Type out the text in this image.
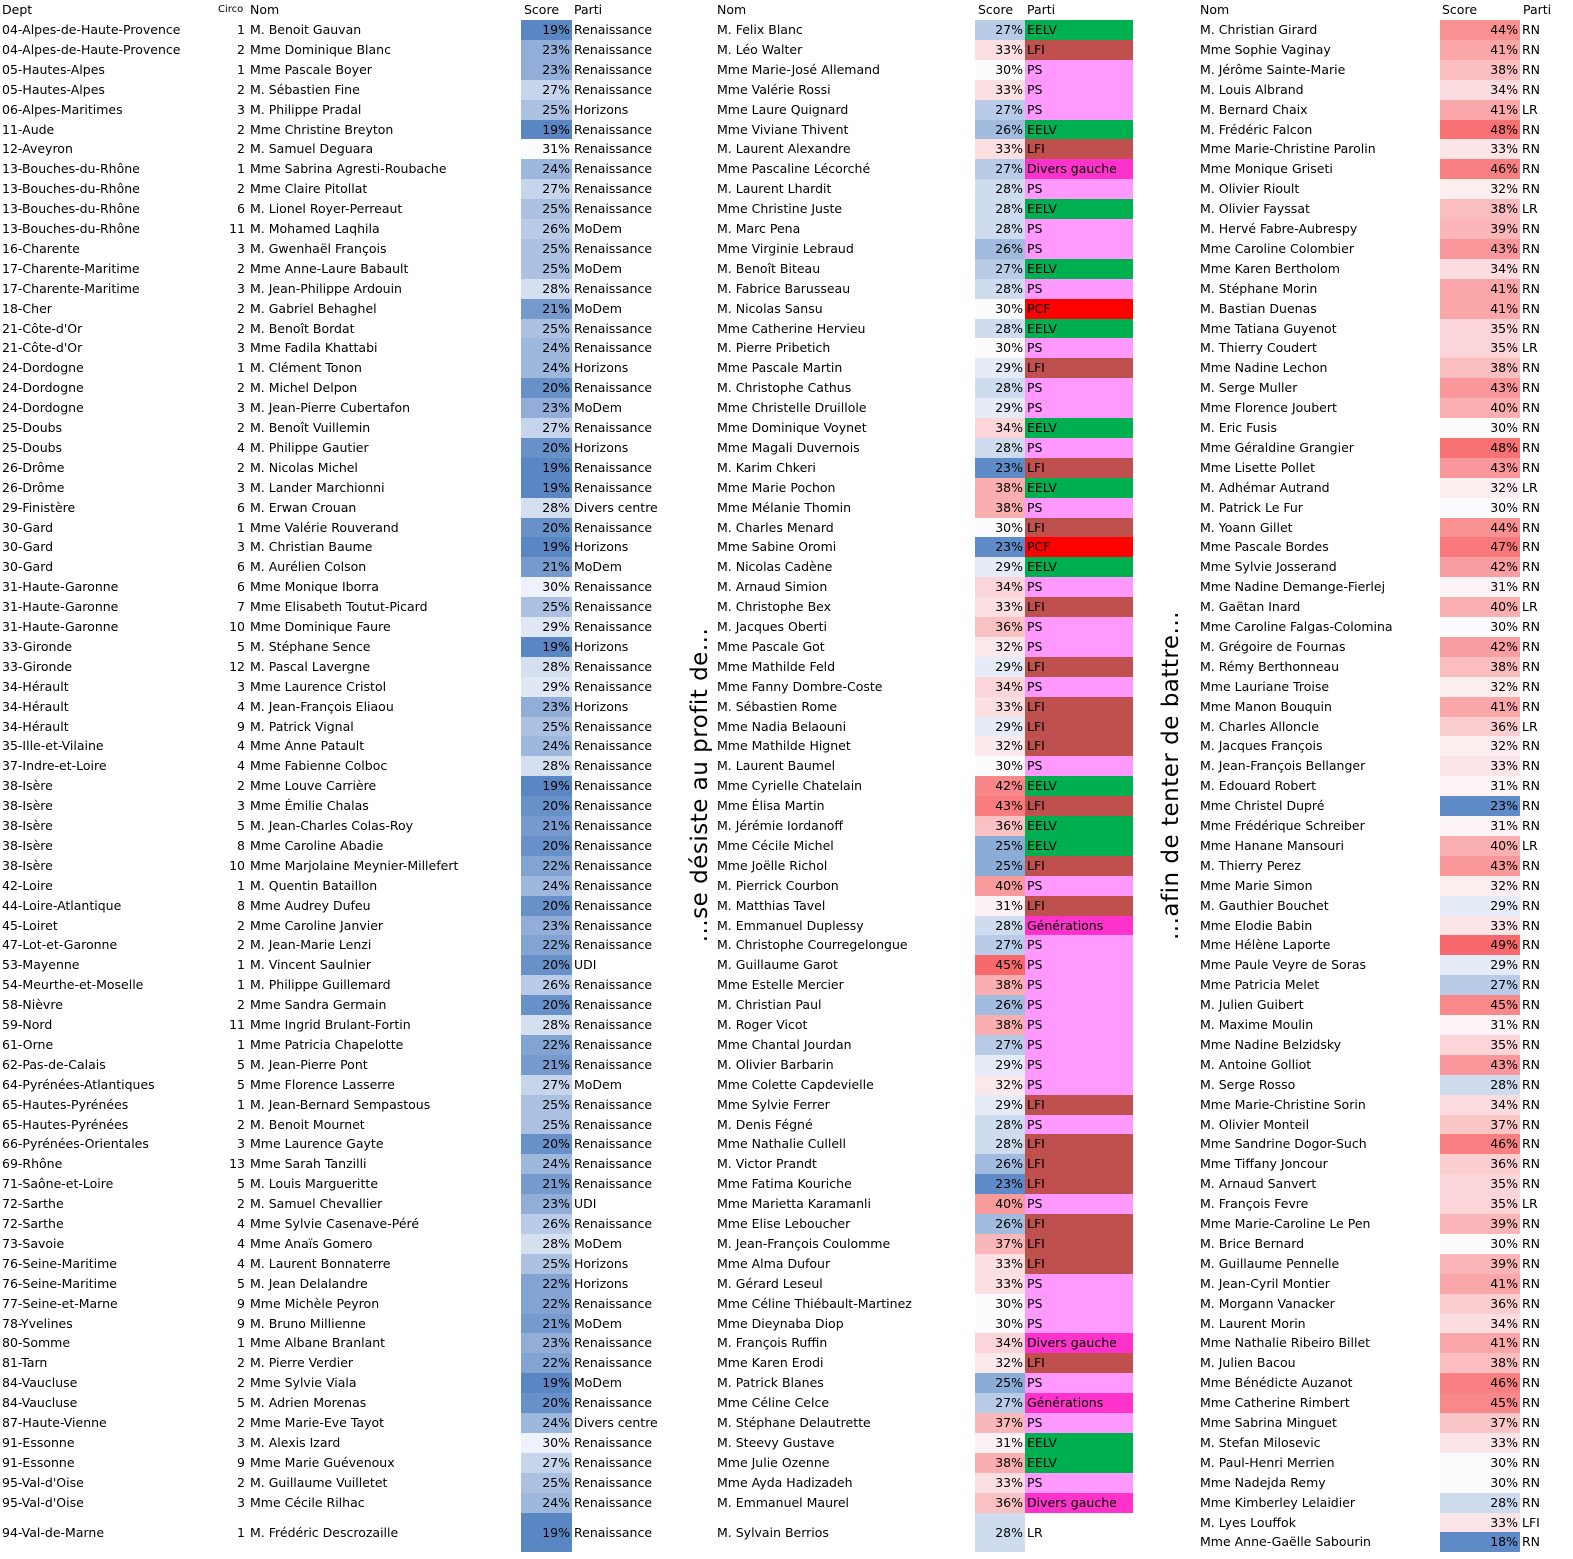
Dept	Circo Nom	Score Parti	Nom	Score Parti	Nom	Score	Parti
04-Alpes-de-Haute-Provence	1 M. Benoit Gauvan	19% Renaissance	M. Felix Blanc	27% EELV	M. Christian Girard	44% RN
04-Alpes-de-Haute-Provence	2 Mme Dominique Blanc	23% Renaissance	M. Léo Walter	33% LFI	Mme Sophie Vaginay	41% RN
05-Hautes-Alpes	1 Mme Pascale Boyer	23% Renaissance	Mme Marie-José Allemand	30% PS	M. Jérôme Sainte-Marie	38% RN
05-Hautes-Alpes	2 M. Sébastien Fine	27% Renaissance	Mme Valérie Rossi	33% PS	M. Louis Albrand	34% RN
06-Alpes-Maritimes	3 M. Philippe Pradal	25% Horizons	Mme Laure Quignard	27% PS	M. Bernard Chaix	41% LR
11-Aude	2 Mme Christine Breyton	19% Renaissance	Mme Viviane Thivent	26% EELV	M. Frédéric Falcon	48% RN
12-Aveyron	2 M. Samuel Deguara	31% Renaissance	M. Laurent Alexandre	33% LFI	Mme Marie-Christine Parolin	33% RN
13-Bouches-du-Rhône	1 Mme Sabrina Agresti-Roubache	24% Renaissance	Mme Pascaline Lécorché	27% Divers gauche	Mme Monique Griseti	46% RN
13-Bouches-du-Rhône	2 Mme Claire Pitollat	27% Renaissance	M. Laurent Lhardit	28% PS	M. Olivier Rioult	32% RN
13-Bouches-du-Rhône	6 M. Lionel Royer-Perreaut	25% Renaissance	Mme Christine Juste	28% EELV	M. Olivier Fayssat	38% LR
13-Bouches-du-Rhône	11 M. Mohamed Laqhila	26% MoDem	M. Marc Pena	28% PS	M. Hervé Fabre-Aubrespy	39% RN
16-Charente	3 M. Gwenhaël François	25% Renaissance	Mme Virginie Lebraud	26% PS	Mme Caroline Colombier	43% RN
17-Charente-Maritime	2 Mme Anne-Laure Babault	25% MoDem	M. Benoît Biteau	27% EELV	Mme Karen Bertholom	34% RN
17-Charente-Maritime	3 M. Jean-Philippe Ardouin	28% Renaissance	M. Fabrice Barusseau	28% PS	M. Stéphane Morin	41% RN
18-Cher	2 M. Gabriel Behaghel	21% MoDem	M. Nicolas Sansu	30% PCF	M. Bastian Duenas	41% RN
21-Côte-d'Or	2 M. Benoît Bordat	25% Renaissance	Mme Catherine Hervieu	28% EELV	Mme Tatiana Guyenot	35% RN
21-Côte-d'Or	3 Mme Fadila Khattabi	24% Renaissance	M. Pierre Pribetich	30% PS	M. Thierry Coudert	35% LR
24-Dordogne	1 M. Clément Tonon	24% Horizons	Mme Pascale Martin	29% LFI	Mme Nadine Lechon	38% RN
24-Dordogne	2 M. Michel Delpon	20% Renaissance	M. Christophe Cathus	28% PS	M. Serge Muller	43% RN
24-Dordogne	3 M. Jean-Pierre Cubertafon	23% MoDem	Mme Christelle Druillole	29% PS	Mme Florence Joubert	40% RN
25-Doubs	2 M. Benoît Vuillemin	27% Renaissance	Mme Dominique Voynet	34% EELV	M. Eric Fusis	30% RN
25-Doubs	4 M. Philippe Gautier	20% Horizons	Mme Magali Duvernois	28% PS	Mme Géraldine Grangier	48% RN
26-Drôme	2 M. Nicolas Michel	19% Renaissance	M. Karim Chkeri	23% LFI	Mme Lisette Pollet	43% RN
26-Drôme	3 M. Lander Marchionni	19% Renaissance	Mme Marie Pochon	38% EELV	M. Adhémar Autrand	32% LR
29-Finistère	6 M. Erwan Crouan	28% Divers centre	Mme Mélanie Thomin	38% PS	M. Patrick Le Fur	30% RN
30-Gard	1 Mme Valérie Rouverand	20% Renaissance	M. Charles Menard	30% LFI	M. Yoann Gillet	44% RN
30-Gard	3 M. Christian Baume	19% Horizons	Mme Sabine Oromi	23% PCF	Mme Pascale Bordes	47% RN
30-Gard	6 M. Aurélien Colson	21% MoDem	M. Nicolas Cadène	29% EELV	Mme Sylvie Josserand	42% RN
31-Haute-Garonne	6 Mme Monique Iborra	30% Renaissance	M. Arnaud Simion	34% PS	Mme Nadine Demange-Fierlej	31% RN
31-Haute-Garonne	7 Mme Elisabeth Toutut-Picard	25% Renaissance	M. Christophe Bex	33% LFI	M. Gaëtan Inard	40% LR
31-Haute-Garonne	10 Mme Dominique Faure	29% Renaissance	M. Jacques Oberti	36% PS	Mme Caroline Falgas-Colomina	30% RN
33-Gironde	5 M. Stéphane Sence	19% Horizons	Mme Pascale Got	32% PS	M. Grégoire de Fournas	42% RN
33-Gironde	12 M. Pascal Lavergne	28% Renaissance	Mme Mathilde Feld	29% LFI	M. Rémy Berthonneau	38% RN
34-Hérault	3 Mme Laurence Cristol	29% Renaissance	Mme Fanny Dombre-Coste	34% PS	Mme Lauriane Troise	32% RN
34-Hérault	4 M. Jean-François Eliaou	23% Horizons	M. Sébastien Rome	33% LFI	Mme Manon Bouquin	41% RN
34-Hérault	9 M. Patrick Vignal	25% Renaissance	Mme Nadia Belaouni	29% LFI	M. Charles Alloncle	36% LR
35-Ille-et-Vilaine	4 Mme Anne Patault	24% Renaissance	Mme Mathilde Hignet	32% LFI	M. Jacques François	32% RN
37-Indre-et-Loire	4 Mme Fabienne Colboc	28% Renaissance	M. Laurent Baumel	30% PS	M. Jean-François Bellanger	33% RN
38-Isère	2 Mme Louve Carrière	19% Renaissance	Mme Cyrielle Chatelain	42% EELV	M. Edouard Robert	31% RN
38-Isère	3 Mme Émilie Chalas	20% Renaissance	Mme Élisa Martin	43% LFI	Mme Christel Dupré	23% RN
38-Isère	5 M. Jean-Charles Colas-Roy	21% Renaissance	M. Jérémie Iordanoff	36% EELV	Mme Frédérique Schreiber	31% RN
38-Isère	8 Mme Caroline Abadie	20% Renaissance	Mme Cécile Michel	25% EELV	Mme Hanane Mansouri	40% LR
38-Isère	10 Mme Marjolaine Meynier-Millefert	22% Renaissance	Mme Joëlle Richol	25% LFI	M. Thierry Perez	43% RN
42-Loire	1 M. Quentin Bataillon	24% Renaissance	M. Pierrick Courbon	40% PS	Mme Marie Simon	32% RN
44-Loire-Atlantique	8 Mme Audrey Dufeu	20% Renaissance	M. Matthias Tavel	31% LFI	M. Gauthier Bouchet	29% RN
45-Loiret	2 Mme Caroline Janvier	23% Renaissance	M. Emmanuel Duplessy	28% Générations	Mme Elodie Babin	33% RN
47-Lot-et-Garonne	2 M. Jean-Marie Lenzi	22% Renaissance	M. Christophe Courregelongue	27% PS	Mme Hélène Laporte	49% RN
53-Mayenne	1 M. Vincent Saulnier	20% UDI	M. Guillaume Garot	45% PS	Mme Paule Veyre de Soras	29% RN
54-Meurthe-et-Moselle	1 M. Philippe Guillemard	26% Renaissance	Mme Estelle Mercier	38% PS	Mme Patricia Melet	27% RN
58-Nièvre	2 Mme Sandra Germain	20% Renaissance	M. Christian Paul	26% PS	M. Julien Guibert	45% RN
59-Nord	11 Mme Ingrid Brulant-Fortin	28% Renaissance	M. Roger Vicot	38% PS	M. Maxime Moulin	31% RN
61-Orne	1 Mme Patricia Chapelotte	22% Renaissance	Mme Chantal Jourdan	27% PS	Mme Nadine Belzidsky	35% RN
62-Pas-de-Calais	5 M. Jean-Pierre Pont	21% Renaissance	M. Olivier Barbarin	29% PS	M. Antoine Golliot	43% RN
64-Pyrénées-Atlantiques	5 Mme Florence Lasserre	27% MoDem	Mme Colette Capdevielle	32% PS	M. Serge Rosso	28% RN
65-Hautes-Pyrénées	1 M. Jean-Bernard Sempastous	25% Renaissance	Mme Sylvie Ferrer	29% LFI	Mme Marie-Christine Sorin	34% RN
65-Hautes-Pyrénées	2 M. Benoit Mournet	25% Renaissance	M. Denis Fégné	28% PS	M. Olivier Monteil	37% RN
66-Pyrénées-Orientales	3 Mme Laurence Gayte	20% Renaissance	Mme Nathalie Cullell	28% LFI	Mme Sandrine Dogor-Such	46% RN
69-Rhône	13 Mme Sarah Tanzilli	24% Renaissance	M. Victor Prandt	26% LFI	Mme Tiffany Joncour	36% RN
71-Saône-et-Loire	5 M. Louis Margueritte	21% Renaissance	Mme Fatima Kouriche	23% LFI	M. Arnaud Sanvert	35% RN
72-Sarthe	2 M. Samuel Chevallier	23% UDI	Mme Marietta Karamanli	40% PS	M. François Fevre	35% LR
72-Sarthe	4 Mme Sylvie Casenave-Péré	26% Renaissance	Mme Elise Leboucher	26% LFI	Mme Marie-Caroline Le Pen	39% RN
73-Savoie	4 Mme Anaïs Gomero	28% MoDem	M. Jean-François Coulomme	37% LFI	M. Brice Bernard	30% RN
76-Seine-Maritime	4 M. Laurent Bonnaterre	25% Horizons	Mme Alma Dufour	33% LFI	M. Guillaume Pennelle	39% RN
76-Seine-Maritime	5 M. Jean Delalandre	22% Horizons	M. Gérard Leseul	33% PS	M. Jean-Cyril Montier	41% RN
77-Seine-et-Marne	9 Mme Michèle Peyron	22% Renaissance	Mme Céline Thiébault-Martinez	30% PS	M. Morgann Vanacker	36% RN
78-Yvelines	9 M. Bruno Millienne	21% MoDem	Mme Dieynaba Diop	30% PS	M. Laurent Morin	34% RN
80-Somme	1 Mme Albane Branlant	23% Renaissance	M. François Ruffin	34% Divers gauche	Mme Nathalie Ribeiro Billet	41% RN
81-Tarn	2 M. Pierre Verdier	22% Renaissance	Mme Karen Erodi	32% LFI	M. Julien Bacou	38% RN
84-Vaucluse	2 Mme Sylvie Viala	19% MoDem	M. Patrick Blanes	25% PS	Mme Bénédicte Auzanot	46% RN
84-Vaucluse	5 M. Adrien Morenas	20% Renaissance	Mme Céline Celce	27% Générations	Mme Catherine Rimbert	45% RN
87-Haute-Vienne	2 Mme Marie-Eve Tayot	24% Divers centre	M. Stéphane Delautrette	37% PS	Mme Sabrina Minguet	37% RN
91-Essonne	3 M. Alexis Izard	30% Renaissance	M. Steevy Gustave	31% EELV	M. Stefan Milosevic	33% RN
91-Essonne	9 Mme Marie Guévenoux	27% Renaissance	Mme Julie Ozenne	38% EELV	M. Paul-Henri Merrien	30% RN
95-Val-d'Oise	2 M. Guillaume Vuilletet	25% Renaissance	Mme Ayda Hadizadeh	33% PS	Mme Nadejda Remy	30% RN
95-Val-d'Oise	3 Mme Cécile Rilhac	24% Renaissance	M. Emmanuel Maurel	36% Divers gauche	Mme Kimberley Lelaidier	28% RN
94-Val-de-Marne	1 M. Frédéric Descrozaille	19% Renaissance	M. Sylvain Berrios	28% LR
M. Lyes Louffok	33% LFI
Mme Anne-Gaëlle Sabourin	18% RN
...se désiste au profit de...	...afin de tenter de battre...
